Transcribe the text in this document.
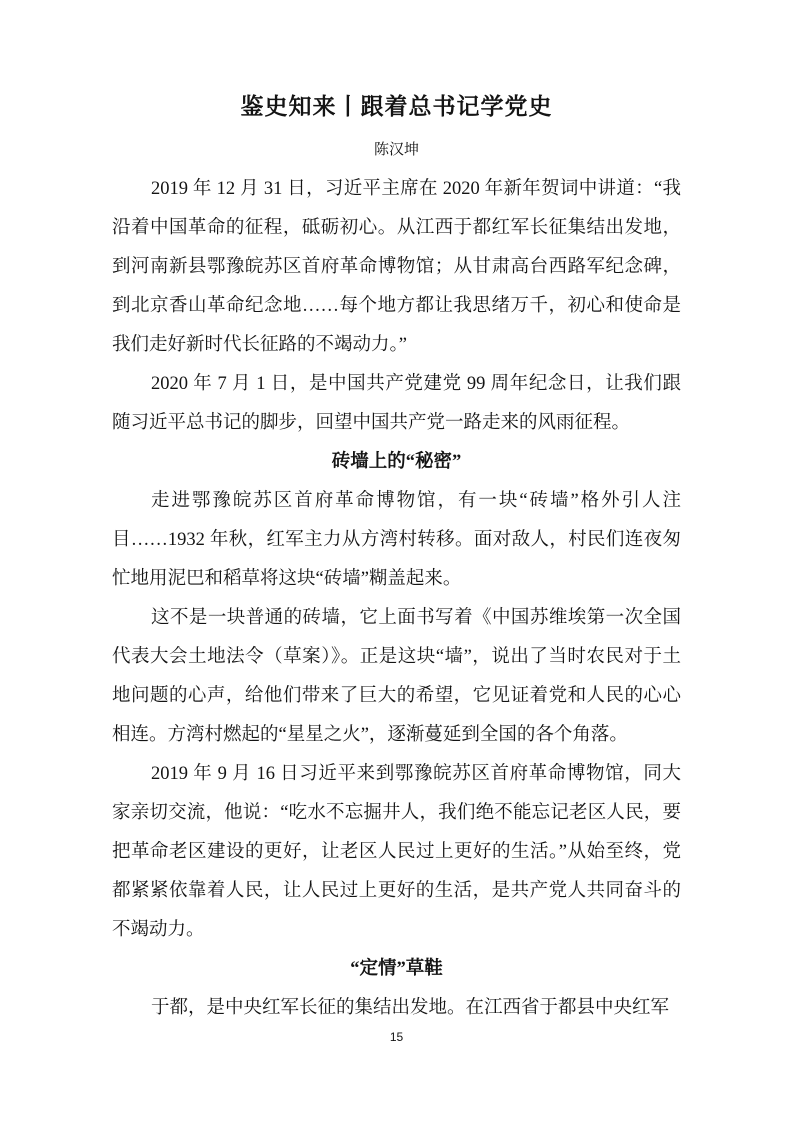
鉴史知来丨跟着总书记学党史
陈汉坤

2019 年 12 月 31 日，习近平主席在 2020 年新年贺词中讲道：“我沿着中国革命的征程，砥砺初心。从江西于都红军长征集结出发地，到河南新县鄂豫皖苏区首府革命博物馆；从甘肃高台西路军纪念碑，到北京香山革命纪念地……每个地方都让我思绪万千，初心和使命是我们走好新时代长征路的不竭动力。”

2020 年 7 月 1 日，是中国共产党建党 99 周年纪念日，让我们跟随习近平总书记的脚步，回望中国共产党一路走来的风雨征程。

砖墙上的“秘密”

走进鄂豫皖苏区首府革命博物馆，有一块“砖墙”格外引人注目……1932 年秋，红军主力从方湾村转移。面对敌人，村民们连夜匆忙地用泥巴和稻草将这块“砖墙”糊盖起来。

这不是一块普通的砖墙，它上面书写着《中国苏维埃第一次全国代表大会土地法令（草案）》。正是这块“墙”，说出了当时农民对于土地问题的心声，给他们带来了巨大的希望，它见证着党和人民的心心相连。方湾村燃起的“星星之火”，逐渐蔓延到全国的各个角落。

2019 年 9 月 16 日习近平来到鄂豫皖苏区首府革命博物馆，同大家亲切交流，他说：“吃水不忘掘井人，我们绝不能忘记老区人民，要把革命老区建设的更好，让老区人民过上更好的生活。”从始至终，党都紧紧依靠着人民，让人民过上更好的生活，是共产党人共同奋斗的不竭动力。

“定情”草鞋

于都，是中央红军长征的集结出发地。在江西省于都县中央红军

15
